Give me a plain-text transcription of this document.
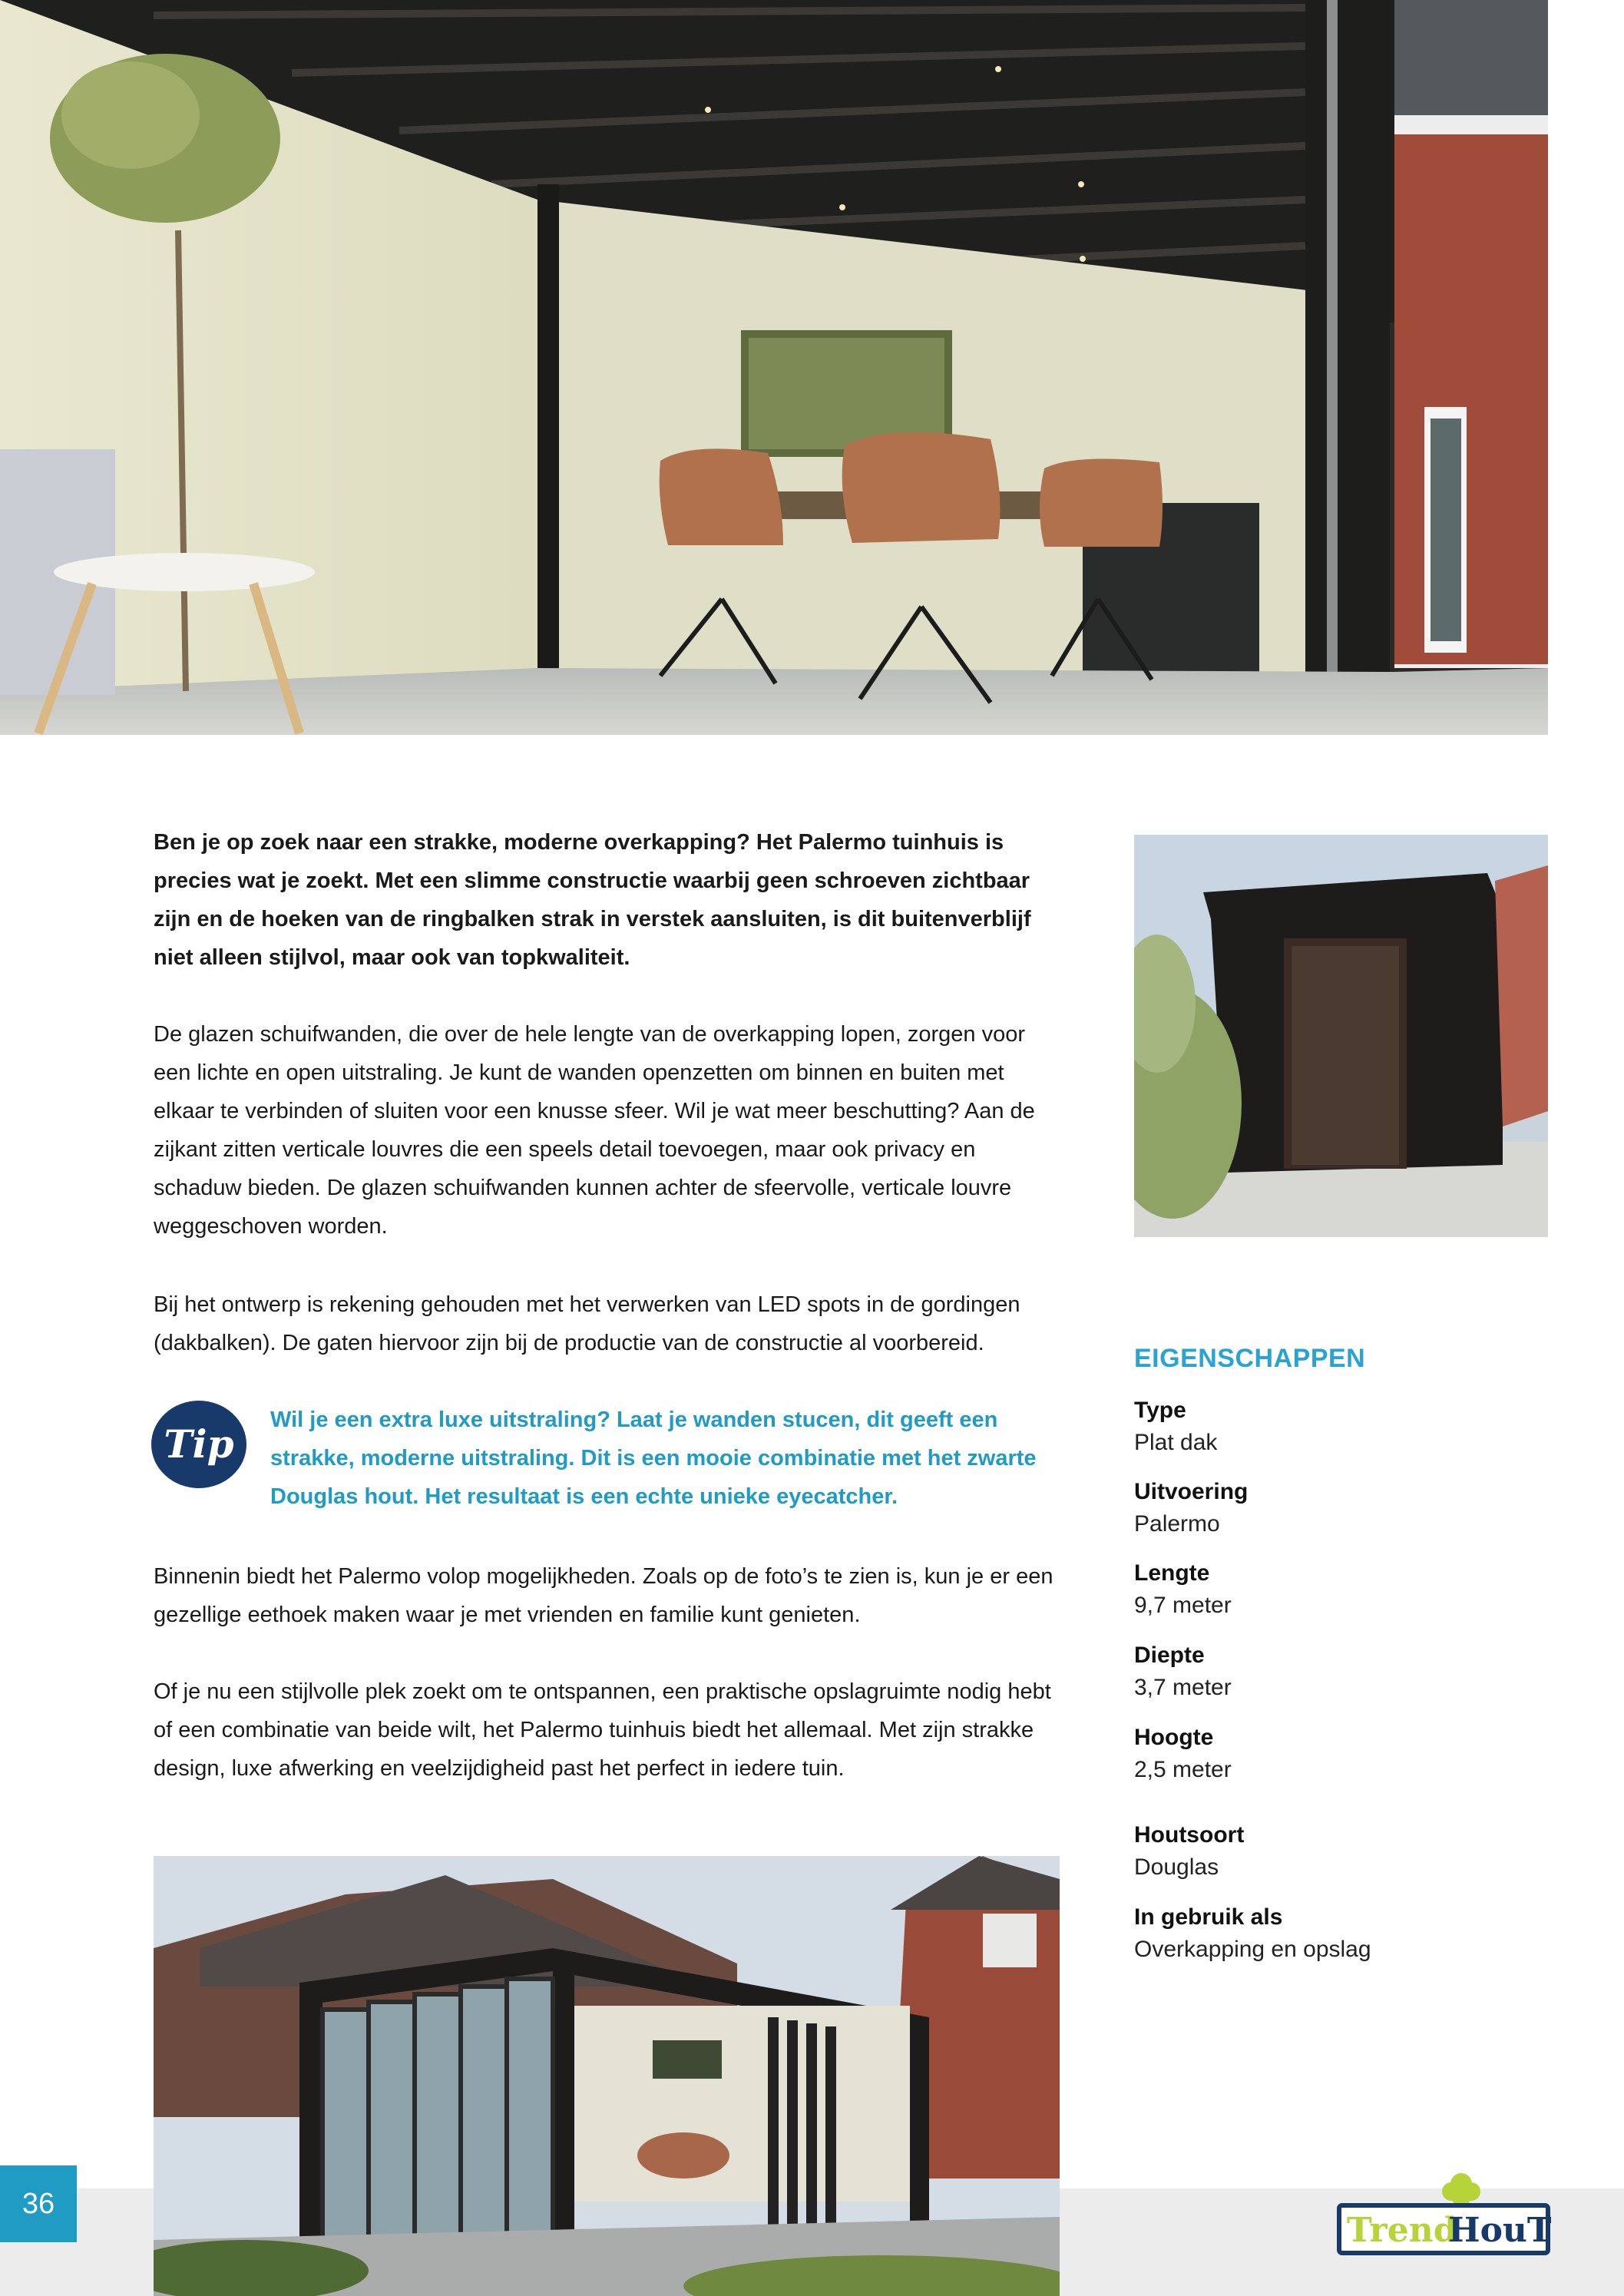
Ben je op zoek naar een strakke, moderne overkapping? Het Palermo tuinhuis is precies wat je zoekt. Met een slimme constructie waarbij geen schroeven zichtbaar zijn en de hoeken van de ringbalken strak in verstek aansluiten, is dit buitenverblijf niet alleen stijlvol, maar ook van topkwaliteit.

De glazen schuifwanden, die over de hele lengte van de overkapping lopen, zorgen voor een lichte en open uitstraling. Je kunt de wanden openzetten om binnen en buiten met elkaar te verbinden of sluiten voor een knusse sfeer. Wil je wat meer beschutting? Aan de zijkant zitten verticale louvres die een speels detail toevoegen, maar ook privacy en schaduw bieden. De glazen schuifwanden kunnen achter de sfeervolle, verticale louvre weggeschoven worden.

Bij het ontwerp is rekening gehouden met het verwerken van LED spots in de gordingen (dakbalken). De gaten hiervoor zijn bij de productie van de constructie al voorbereid.

Tip
Wil je een extra luxe uitstraling? Laat je wanden stucen, dit geeft een strakke, moderne uitstraling. Dit is een mooie combinatie met het zwarte Douglas hout. Het resultaat is een echte unieke eyecatcher.

Binnenin biedt het Palermo volop mogelijkheden. Zoals op de foto’s te zien is, kun je er een gezellige eethoek maken waar je met vrienden en familie kunt genieten.

Of je nu een stijlvolle plek zoekt om te ontspannen, een praktische opslagruimte nodig hebt of een combinatie van beide wilt, het Palermo tuinhuis biedt het allemaal. Met zijn strakke design, luxe afwerking en veelzijdigheid past het perfect in iedere tuin.

EIGENSCHAPPEN
Type
Plat dak
Uitvoering
Palermo
Lengte
9,7 meter
Diepte
3,7 meter
Hoogte
2,5 meter
Houtsoort
Douglas
In gebruik als
Overkapping en opslag
36
Trend
HouT
